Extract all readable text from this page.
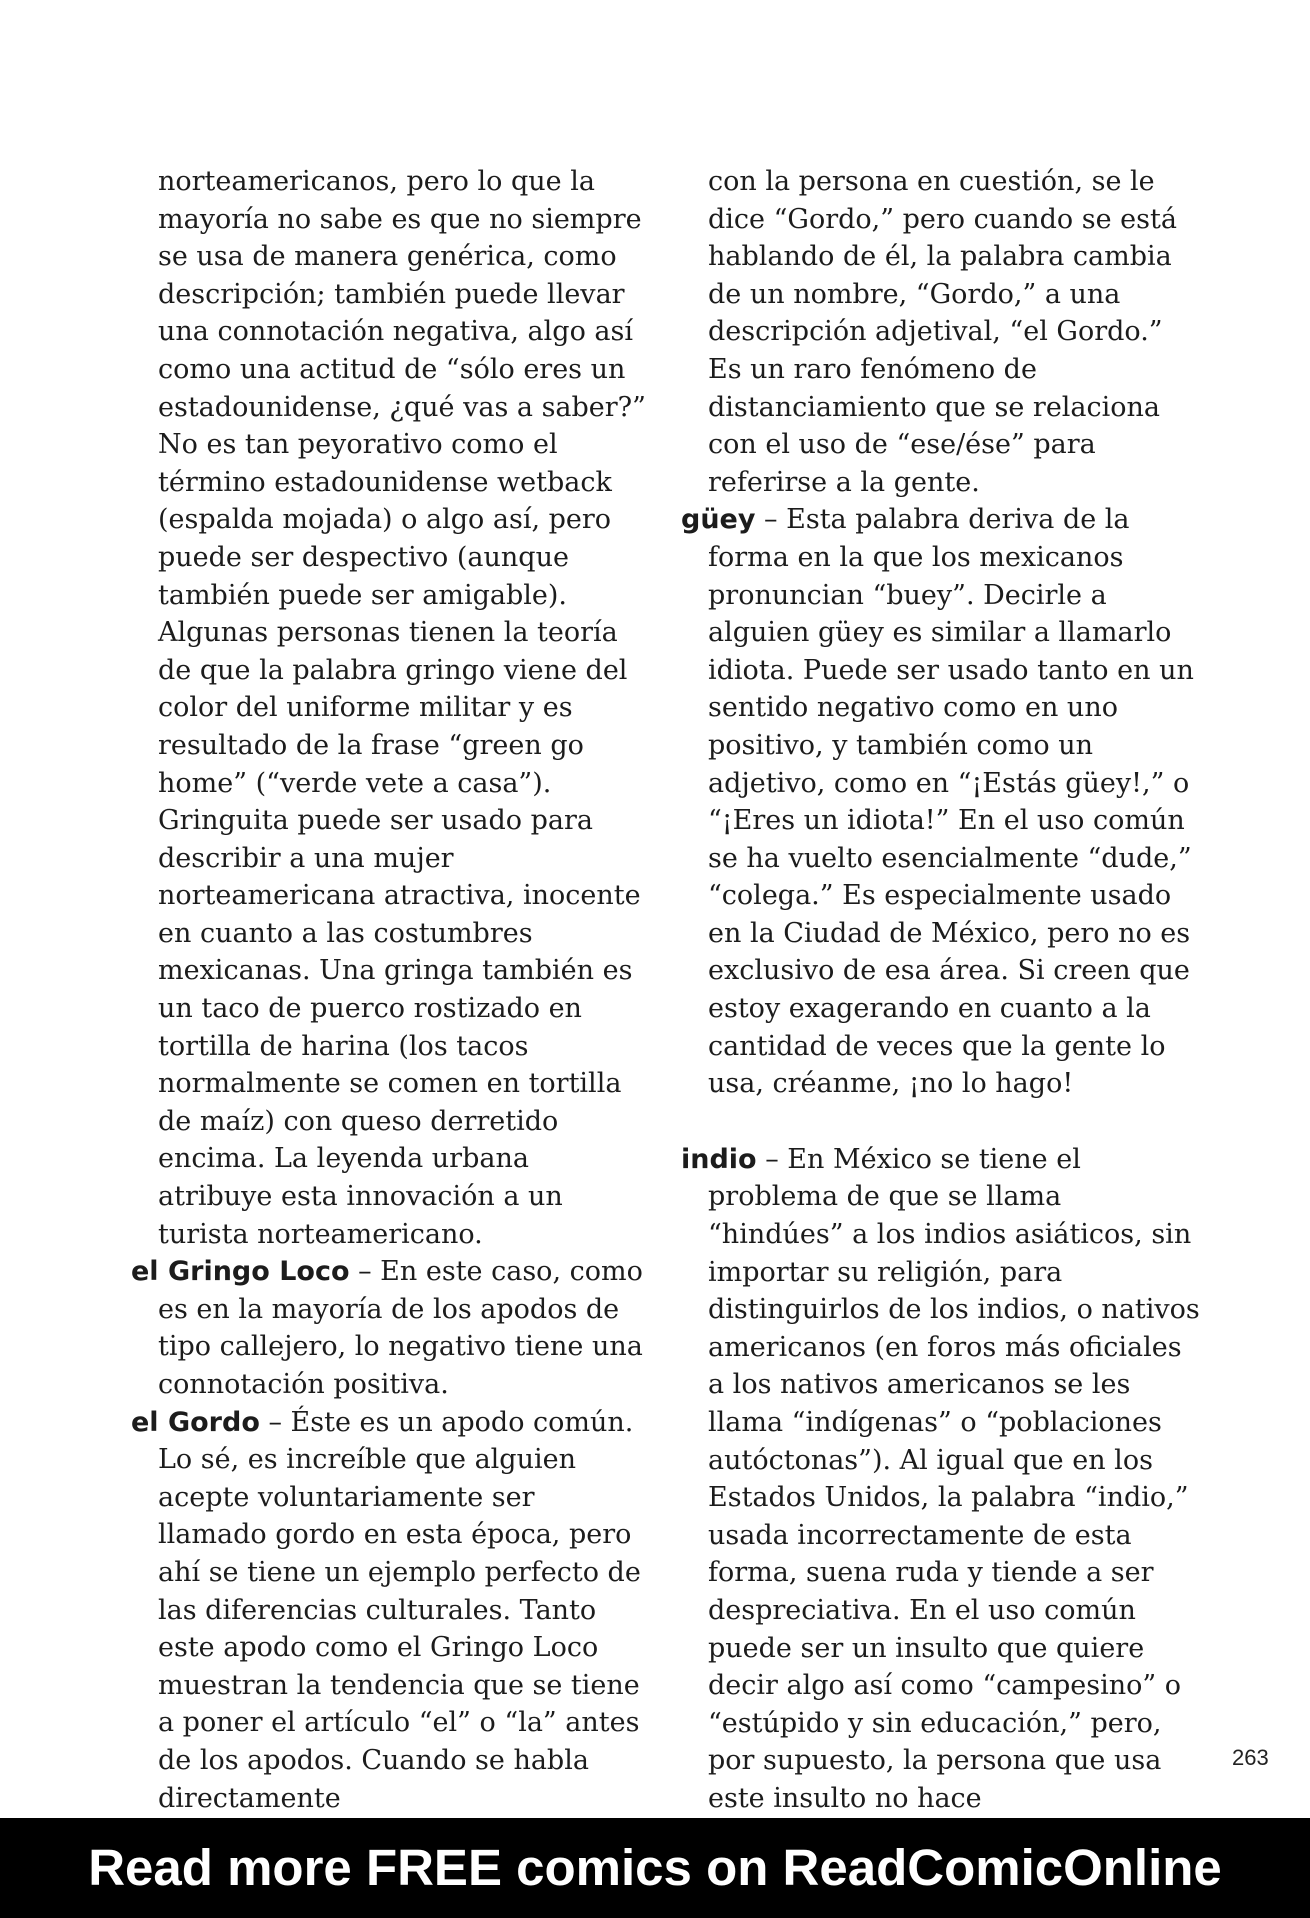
norteamericanos, pero lo que la mayoría no sabe es que no siempre se usa de manera genérica, como descripción; también puede llevar una connotación negativa, algo así como una actitud de “sólo eres un estadounidense, ¿qué vas a saber?” No es tan peyorativo como el término estadounidense wetback (espalda mojada) o algo así, pero puede ser despectivo (aunque también puede ser amigable). Algunas personas tienen la teoría de que la palabra gringo viene del color del uniforme militar y es resultado de la frase “green go home” (“verde vete a casa”). Gringuita puede ser usado para describir a una mujer norteamericana atractiva, inocente en cuanto a las costumbres mexicanas. Una gringa también es un taco de puerco rostizado en tortilla de harina (los tacos normalmente se comen en tortilla de maíz) con queso derretido encima. La leyenda urbana atribuye esta innovación a un turista norteamericano.

el Gringo Loco – En este caso, como es en la mayoría de los apodos de tipo callejero, lo negativo tiene una connotación positiva.

el Gordo – Éste es un apodo común. Lo sé, es increíble que alguien acepte voluntariamente ser llamado gordo en esta época, pero ahí se tiene un ejemplo perfecto de las diferencias culturales. Tanto este apodo como el Gringo Loco muestran la tendencia que se tiene a poner el artículo “el” o “la” antes de los apodos. Cuando se habla directamente

con la persona en cuestión, se le dice “Gordo,” pero cuando se está hablando de él, la palabra cambia de un nombre, “Gordo,” a una descripción adjetival, “el Gordo.” Es un raro fenómeno de distanciamiento que se relaciona con el uso de “ese/ése” para referirse a la gente.

güey – Esta palabra deriva de la forma en la que los mexicanos pronuncian “buey”. Decirle a alguien güey es similar a llamarlo idiota. Puede ser usado tanto en un sentido negativo como en uno positivo, y también como un adjetivo, como en “¡Estás güey!,” o “¡Eres un idiota!” En el uso común se ha vuelto esencialmente “dude,” “colega.” Es especialmente usado en la Ciudad de México, pero no es exclusivo de esa área. Si creen que estoy exagerando en cuanto a la cantidad de veces que la gente lo usa, créanme, ¡no lo hago!

indio – En México se tiene el problema de que se llama “hindúes” a los indios asiáticos, sin importar su religión, para distinguirlos de los indios, o nativos americanos (en foros más oficiales a los nativos americanos se les llama “indígenas” o “poblaciones autóctonas”). Al igual que en los Estados Unidos, la palabra “indio,” usada incorrectamente de esta forma, suena ruda y tiende a ser despreciativa. En el uso común puede ser un insulto que quiere decir algo así como “campesino” o “estúpido y sin educación,” pero, por supuesto, la persona que usa este insulto no hace

263
Read more FREE comics on ReadComicOnline
